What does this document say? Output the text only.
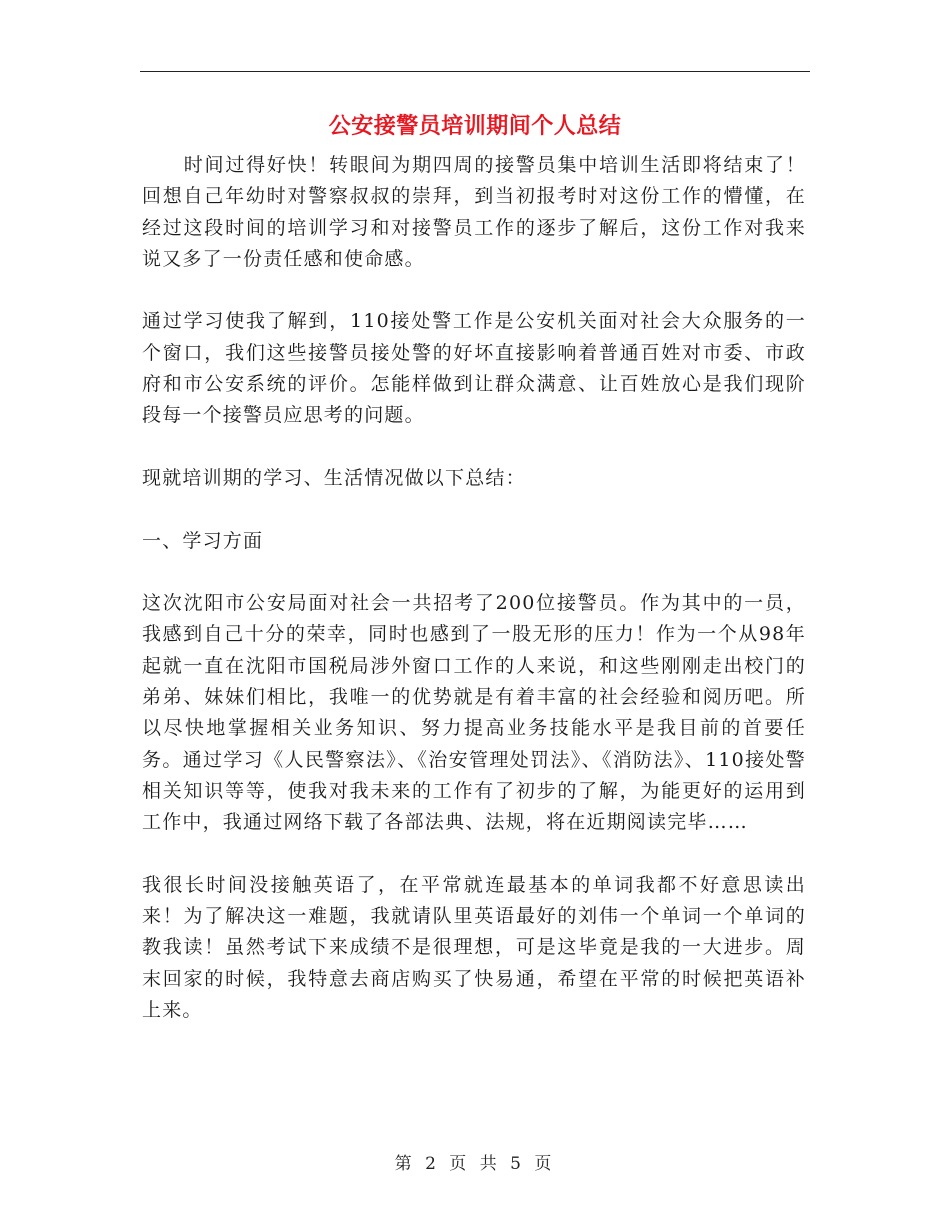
公安接警员培训期间个人总结

时间过得好快！转眼间为期四周的接警员集中培训生活即将结束了！回想自己年幼时对警察叔叔的崇拜，到当初报考时对这份工作的懵懂，在经过这段时间的培训学习和对接警员工作的逐步了解后，这份工作对我来说又多了一份责任感和使命感。

通过学习使我了解到，110接处警工作是公安机关面对社会大众服务的一个窗口，我们这些接警员接处警的好坏直接影响着普通百姓对市委、市政府和市公安系统的评价。怎能样做到让群众满意、让百姓放心是我们现阶段每一个接警员应思考的问题。

现就培训期的学习、生活情况做以下总结：

一、学习方面

这次沈阳市公安局面对社会一共招考了200位接警员。作为其中的一员，我感到自己十分的荣幸，同时也感到了一股无形的压力！作为一个从98年起就一直在沈阳市国税局涉外窗口工作的人来说，和这些刚刚走出校门的弟弟、妹妹们相比，我唯一的优势就是有着丰富的社会经验和阅历吧。所以尽快地掌握相关业务知识、努力提高业务技能水平是我目前的首要任务。通过学习《人民警察法》、《治安管理处罚法》、《消防法》、110接处警相关知识等等，使我对我未来的工作有了初步的了解，为能更好的运用到工作中，我通过网络下载了各部法典、法规，将在近期阅读完毕……

我很长时间没接触英语了，在平常就连最基本的单词我都不好意思读出来！为了解决这一难题，我就请队里英语最好的刘伟一个单词一个单词的教我读！虽然考试下来成绩不是很理想，可是这毕竟是我的一大进步。周末回家的时候，我特意去商店购买了快易通，希望在平常的时候把英语补上来。

第 2 页 共 5 页
